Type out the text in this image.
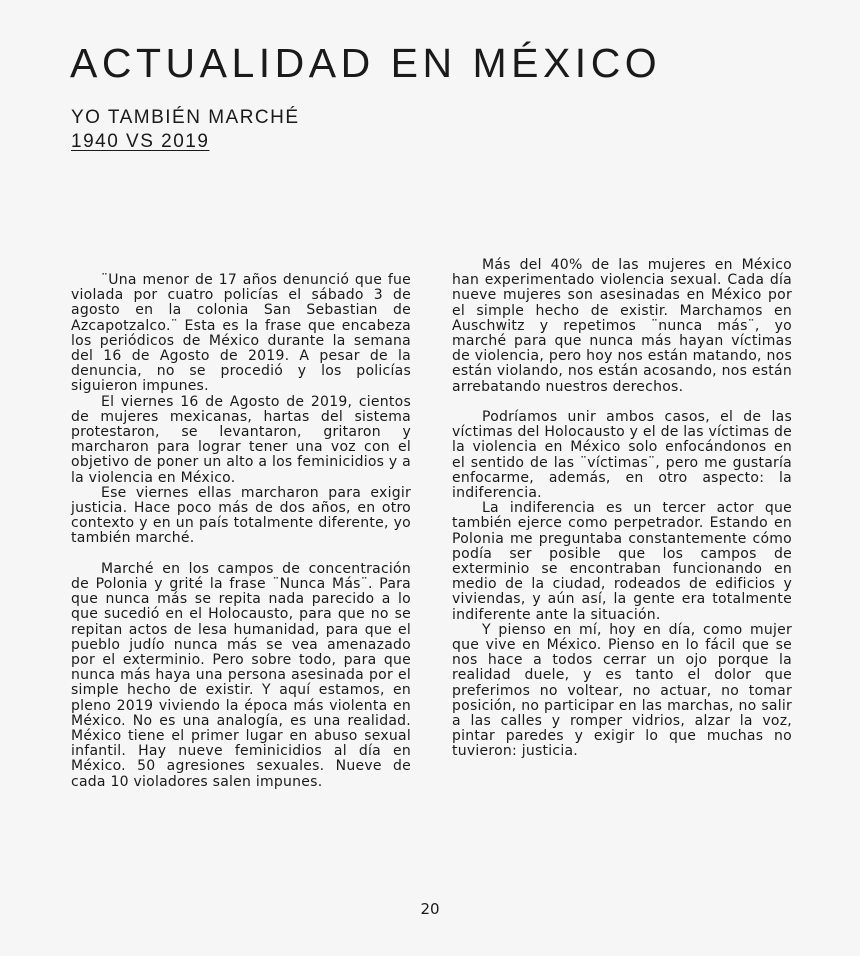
ACTUALIDAD EN MÉXICO
YO TAMBIÉN MARCHÉ
1940 VS 2019

¨Una menor de 17 años denunció que fue violada por cuatro policías el sábado 3 de agosto en la colonia San Sebastian de Azcapotzalco.¨ Esta es la frase que encabeza los periódicos de México durante la semana del 16 de Agosto de 2019. A pesar de la denuncia, no se procedió y los policías siguieron impunes.

El viernes 16 de Agosto de 2019, cientos de mujeres mexicanas, hartas del sistema protestaron, se levantaron, gritaron y marcharon para lograr tener una voz con el objetivo de poner un alto a los feminicidios y a la violencia en México.

Ese viernes ellas marcharon para exigir justicia. Hace poco más de dos años, en otro contexto y en un país totalmente diferente, yo también marché.

Marché en los campos de concentración de Polonia y grité la frase ¨Nunca Más¨. Para que nunca más se repita nada parecido a lo que sucedió en el Holocausto, para que no se repitan actos de lesa humanidad, para que el pueblo judío nunca más se vea amenazado por el exterminio. Pero sobre todo, para que nunca más haya una persona asesinada por el simple hecho de existir. Y aquí estamos, en pleno 2019 viviendo la época más violenta en México. No es una analogía, es una realidad. México tiene el primer lugar en abuso sexual infantil. Hay nueve feminicidios al día en México. 50 agresiones sexuales. Nueve de cada 10 violadores salen impunes.

Más del 40% de las mujeres en México han experimentado violencia sexual. Cada día nueve mujeres son asesinadas en México por el simple hecho de existir. Marchamos en Auschwitz y repetimos ¨nunca más¨, yo marché para que nunca más hayan víctimas de violencia, pero hoy nos están matando, nos están violando, nos están acosando, nos están arrebatando nuestros derechos.

Podríamos unir ambos casos, el de las víctimas del Holocausto y el de las víctimas de la violencia en México solo enfocándonos en el sentido de las ¨víctimas¨, pero me gustaría enfocarme, además, en otro aspecto: la indiferencia.

La indiferencia es un tercer actor que también ejerce como perpetrador. Estando en Polonia me preguntaba constantemente cómo podía ser posible que los campos de exterminio se encontraban funcionando en medio de la ciudad, rodeados de edificios y viviendas, y aún así, la gente era totalmente indiferente ante la situación.

Y pienso en mí, hoy en día, como mujer que vive en México. Pienso en lo fácil que se nos hace a todos cerrar un ojo porque la realidad duele, y es tanto el dolor que preferimos no voltear, no actuar, no tomar posición, no participar en las marchas, no salir a las calles y romper vidrios, alzar la voz, pintar paredes y exigir lo que muchas no tuvieron: justicia.

20
